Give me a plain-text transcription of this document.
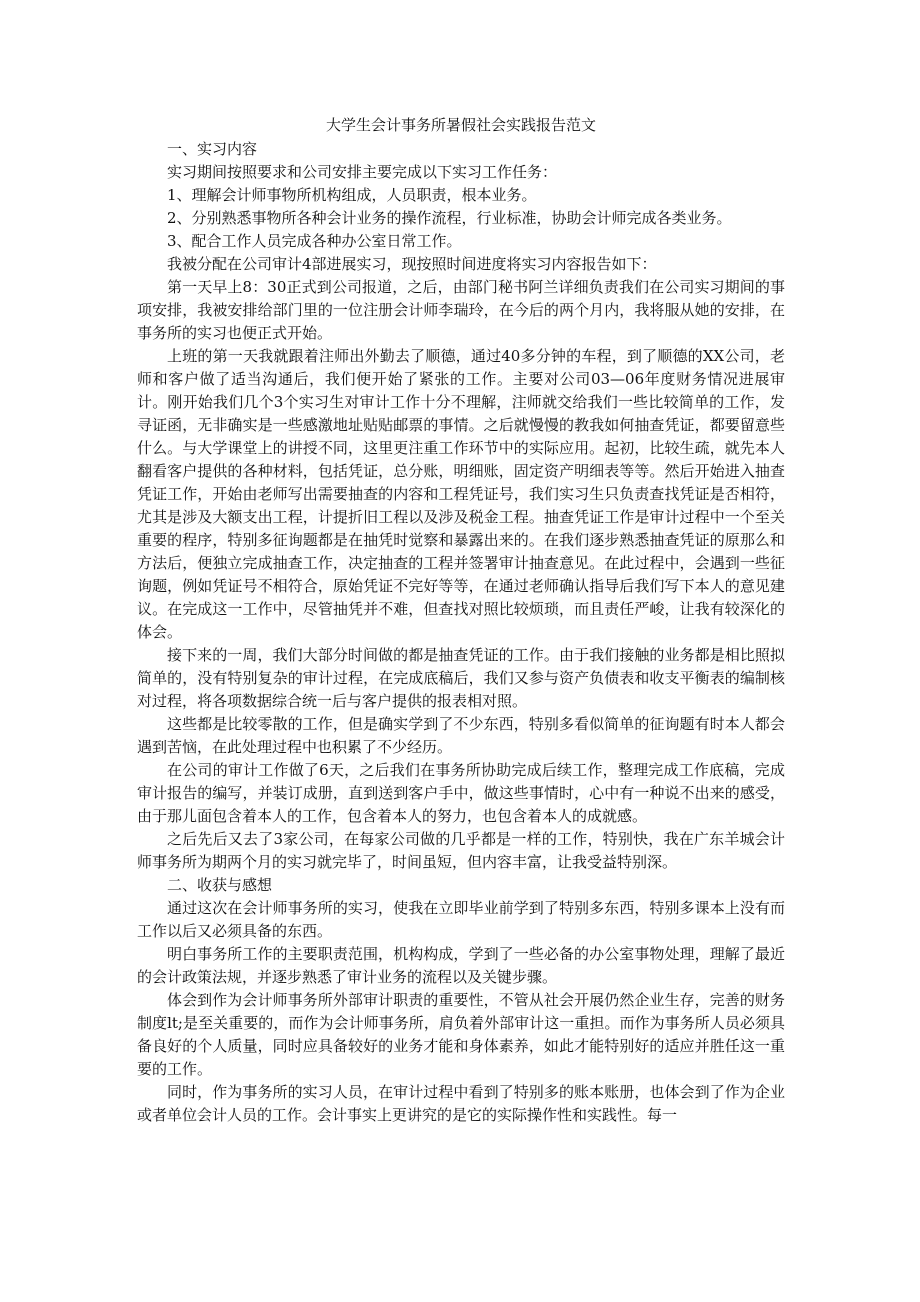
大学生会计事务所暑假社会实践报告范文

一、实习内容

实习期间按照要求和公司安排主要完成以下实习工作任务：

1、理解会计师事物所机构组成，人员职责，根本业务。

2、分别熟悉事物所各种会计业务的操作流程，行业标准，协助会计师完成各类业务。

3、配合工作人员完成各种办公室日常工作。

我被分配在公司审计4部进展实习，现按照时间进度将实习内容报告如下：

第一天早上8：30正式到公司报道，之后，由部门秘书阿兰详细负责我们在公司实习期间的事项安排，我被安排给部门里的一位注册会计师李瑞玲，在今后的两个月内，我将服从她的安排，在事务所的实习也便正式开始。

上班的第一天我就跟着注师出外勤去了顺德，通过40多分钟的车程，到了顺德的XX公司，老师和客户做了适当沟通后，我们便开始了紧张的工作。主要对公司03—06年度财务情况进展审计。刚开始我们几个3个实习生对审计工作十分不理解，注师就交给我们一些比较简单的工作，发寻证函，无非确实是一些感激地址贴贴邮票的事情。之后就慢慢的教我如何抽查凭证，都要留意些什么。与大学课堂上的讲授不同，这里更注重工作环节中的实际应用。起初，比较生疏，就先本人翻看客户提供的各种材料，包括凭证，总分账，明细账，固定资产明细表等等。然后开始进入抽查凭证工作，开始由老师写出需要抽查的内容和工程凭证号，我们实习生只负责查找凭证是否相符，尤其是涉及大额支出工程，计提折旧工程以及涉及税金工程。抽查凭证工作是审计过程中一个至关重要的程序，特别多征询题都是在抽凭时觉察和暴露出来的。在我们逐步熟悉抽查凭证的原那么和方法后，便独立完成抽查工作，决定抽查的工程并签署审计抽查意见。在此过程中，会遇到一些征询题，例如凭证号不相符合，原始凭证不完好等等，在通过老师确认指导后我们写下本人的意见建议。在完成这一工作中，尽管抽凭并不难，但查找对照比较烦琐，而且责任严峻，让我有较深化的体会。

接下来的一周，我们大部分时间做的都是抽查凭证的工作。由于我们接触的业务都是相比照拟简单的，没有特别复杂的审计过程，在完成底稿后，我们又参与资产负债表和收支平衡表的编制核对过程，将各项数据综合统一后与客户提供的报表相对照。

这些都是比较零散的工作，但是确实学到了不少东西，特别多看似简单的征询题有时本人都会遇到苦恼，在此处理过程中也积累了不少经历。

在公司的审计工作做了6天，之后我们在事务所协助完成后续工作，整理完成工作底稿，完成审计报告的编写，并装订成册，直到送到客户手中，做这些事情时，心中有一种说不出来的感受，由于那儿面包含着本人的工作，包含着本人的努力，也包含着本人的成就感。

之后先后又去了3家公司，在每家公司做的几乎都是一样的工作，特别快，我在广东羊城会计师事务所为期两个月的实习就完毕了，时间虽短，但内容丰富，让我受益特别深。

二、收获与感想

通过这次在会计师事务所的实习，使我在立即毕业前学到了特别多东西，特别多课本上没有而工作以后又必须具备的东西。

明白事务所工作的主要职责范围，机构构成，学到了一些必备的办公室事物处理，理解了最近的会计政策法规，并逐步熟悉了审计业务的流程以及关键步骤。

体会到作为会计师事务所外部审计职责的重要性，不管从社会开展仍然企业生存，完善的财务制度lt;是至关重要的，而作为会计师事务所，肩负着外部审计这一重担。而作为事务所人员必须具备良好的个人质量，同时应具备较好的业务才能和身体素养，如此才能特别好的适应并胜任这一重要的工作。

同时，作为事务所的实习人员，在审计过程中看到了特别多的账本账册，也体会到了作为企业或者单位会计人员的工作。会计事实上更讲究的是它的实际操作性和实践性。每一
